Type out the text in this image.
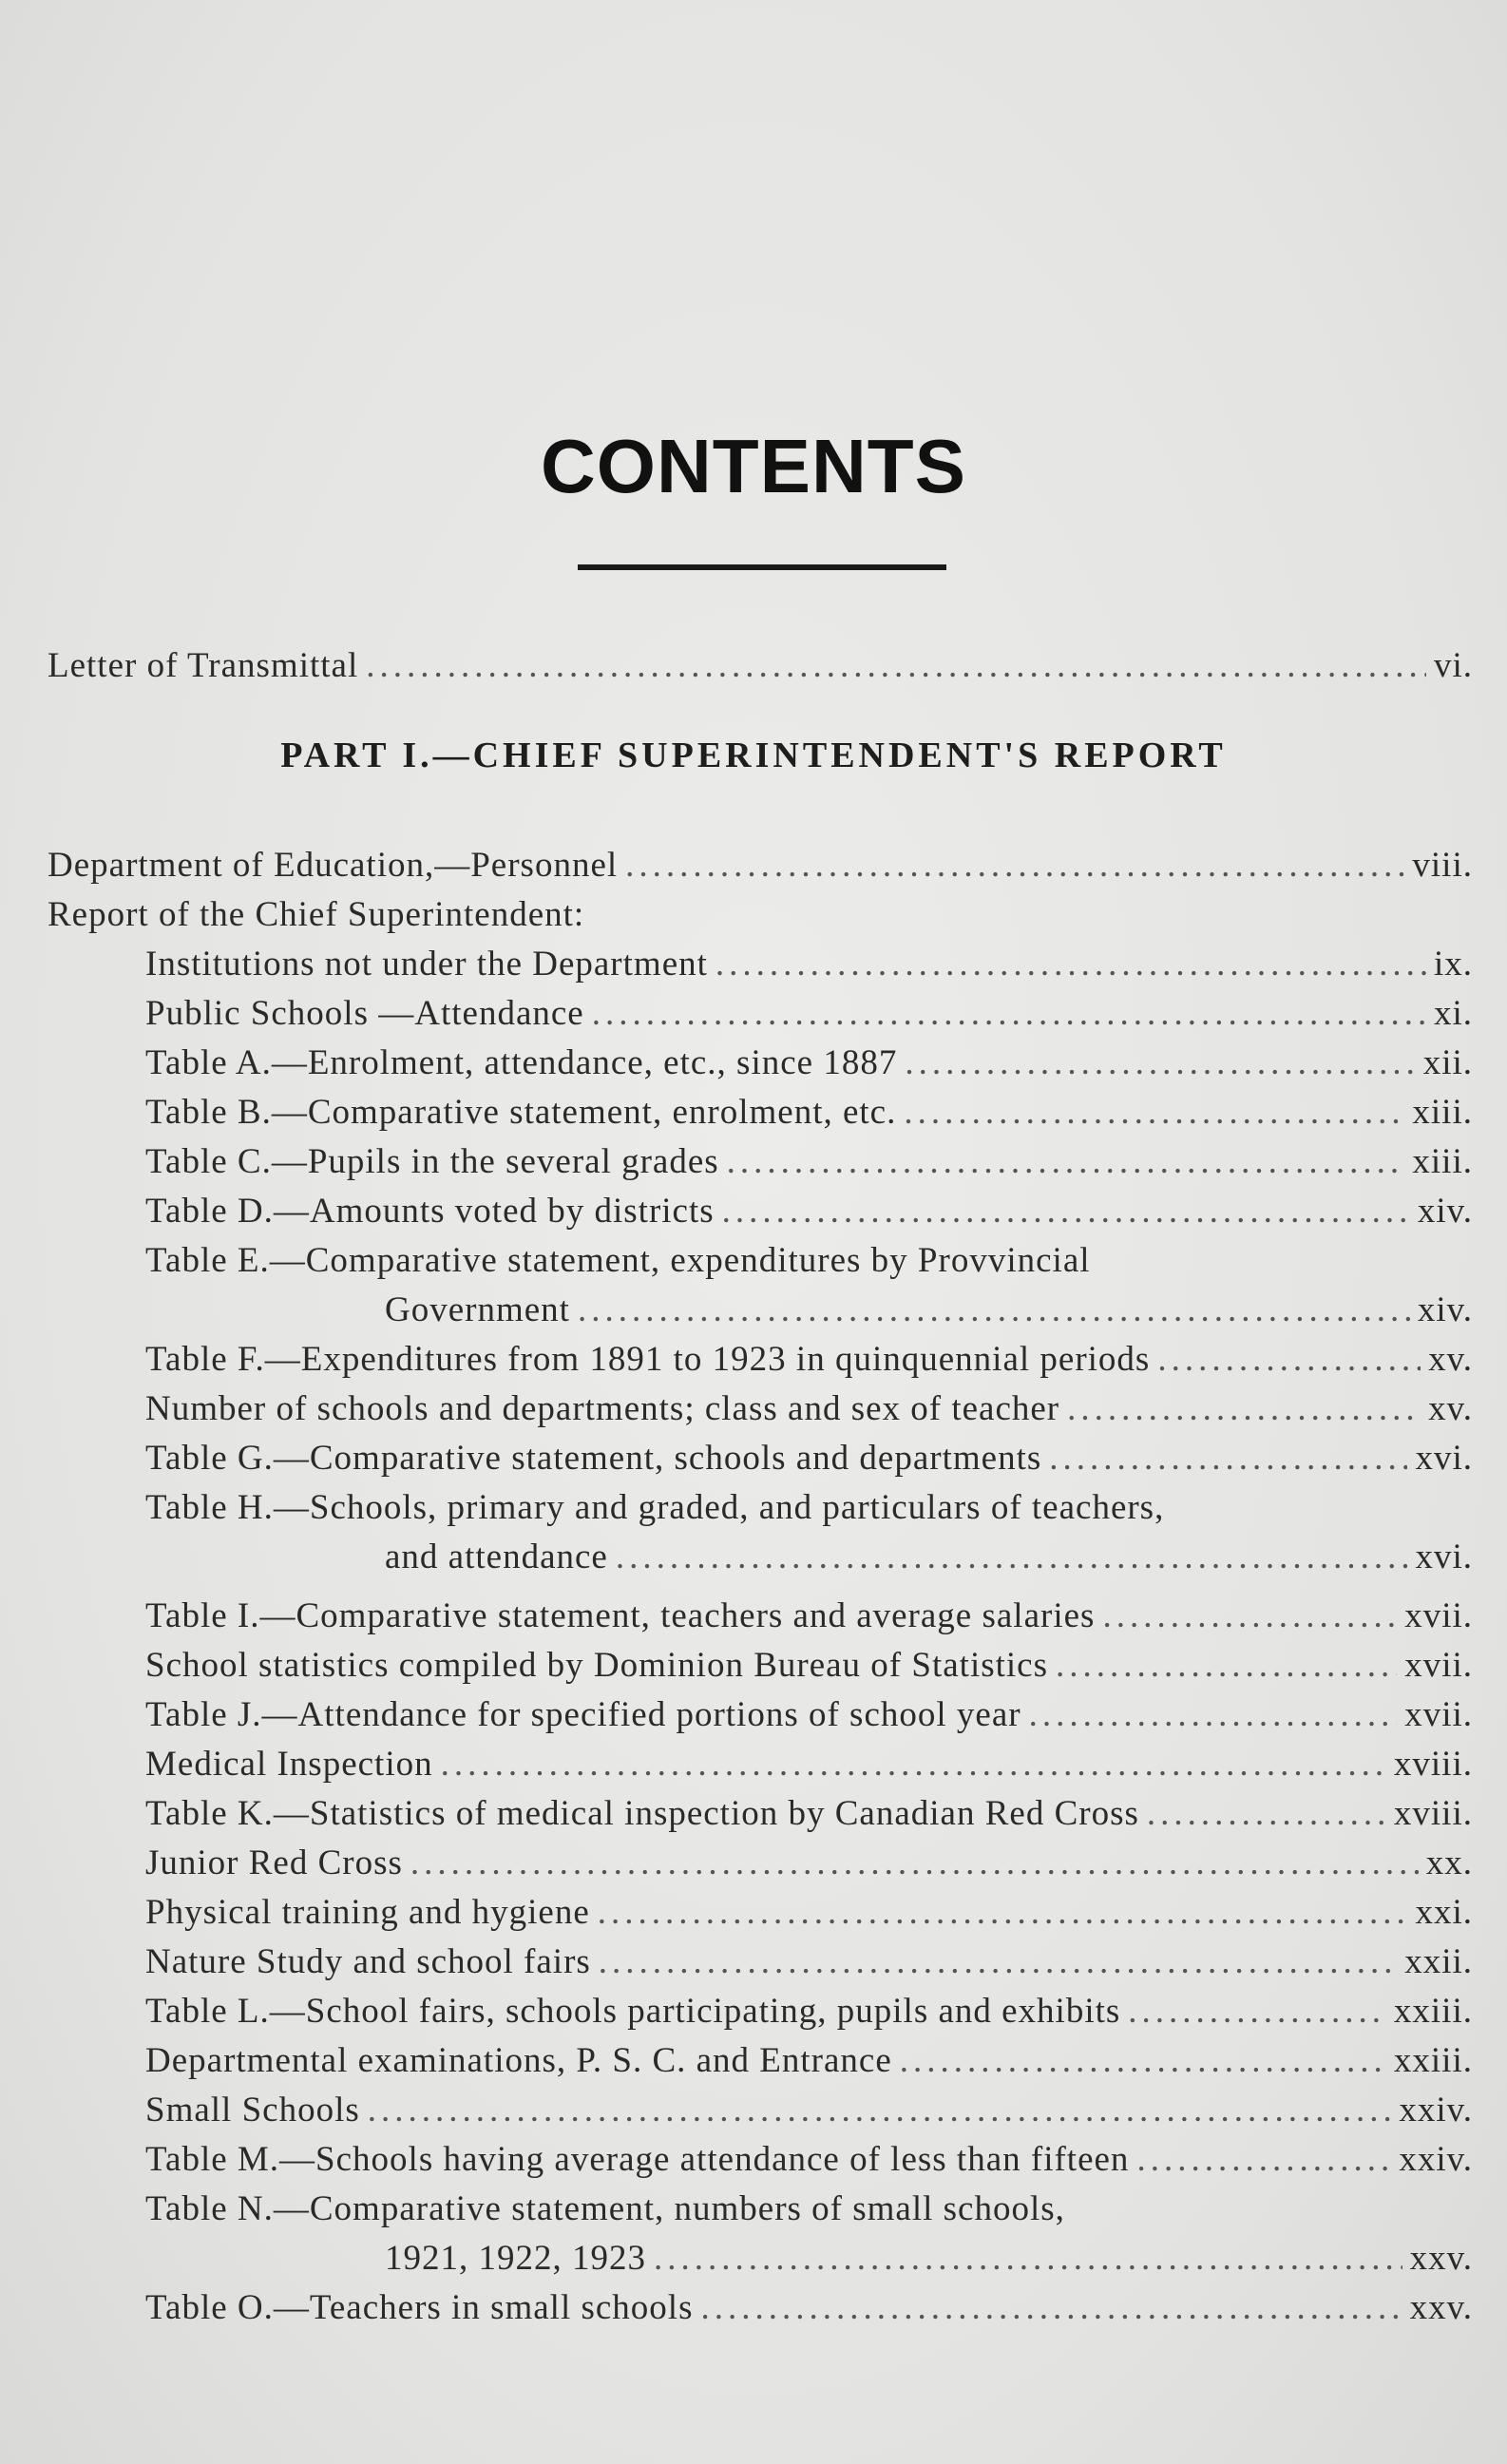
CONTENTS
Letter of Transmittal .....	vi.
PART I.—CHIEF SUPERINTENDENT'S REPORT
Department of Education,—Personnel .....	viii.
Report of the Chief Superintendent:
Institutions not under the Department .....	ix.
Public Schools —Attendance .....	xi.
Table A.—Enrolment, attendance, etc., since 1887 .....	xii.
Table B.—Comparative statement, enrolment, etc. .....	xiii.
Table C.—Pupils in the several grades .....	xiii.
Table D.—Amounts voted by districts .....	xiv.
Table E.—Comparative statement, expenditures by Provvincial
Government .....	xiv.
Table F.—Expenditures from 1891 to 1923 in quinquennial periods .....	xv.
Number of schools and departments; class and sex of teacher .....	xv.
Table G.—Comparative statement, schools and departments .....	xvi.
Table H.—Schools, primary and graded, and particulars of teachers,
and attendance .....	xvi.
Table I.—Comparative statement, teachers and average salaries .....	xvii.
School statistics compiled by Dominion Bureau of Statistics .....	xvii.
Table J.—Attendance for specified portions of school year .....	xvii.
Medical Inspection .....	xviii.
Table K.—Statistics of medical inspection by Canadian Red Cross .....	xviii.
Junior Red Cross .....	xx.
Physical training and hygiene .....	xxi.
Nature Study and school fairs .....	xxii.
Table L.—School fairs, schools participating, pupils and exhibits .....	xxiii.
Departmental examinations, P. S. C. and Entrance .....	xxiii.
Small Schools .....	xxiv.
Table M.—Schools having average attendance of less than fifteen .....	xxiv.
Table N.—Comparative statement, numbers of small schools,
1921, 1922, 1923 .....	xxv.
Table O.—Teachers in small schools .....	xxv.
